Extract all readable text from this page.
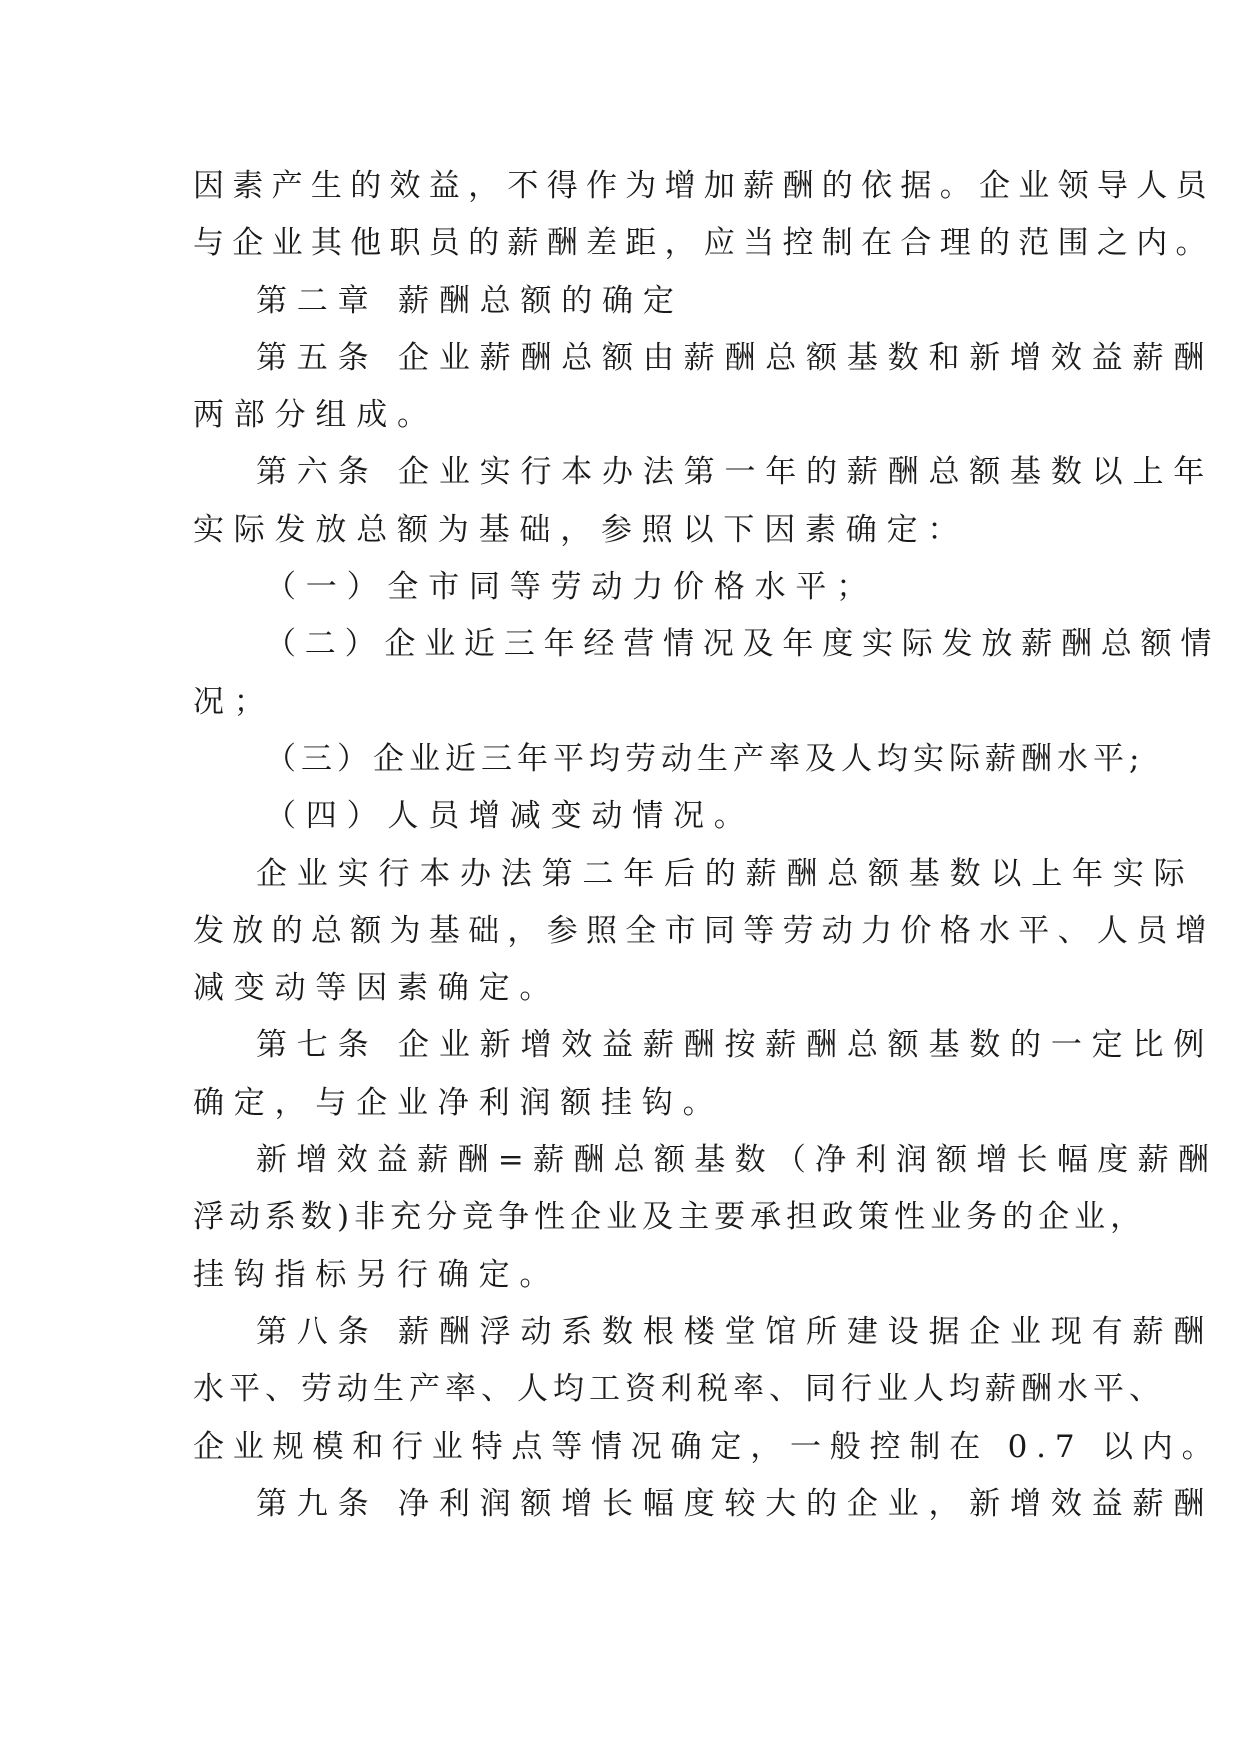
因素产生的效益，不得作为增加薪酬的依据。企业领导人员
与企业其他职员的薪酬差距，应当控制在合理的范围之内。
第二章 薪酬总额的确定
第五条 企业薪酬总额由薪酬总额基数和新增效益薪酬
两部分组成。
第六条 企业实行本办法第一年的薪酬总额基数以上年
实际发放总额为基础，参照以下因素确定：
（一）全市同等劳动力价格水平；
（二）企业近三年经营情况及年度实际发放薪酬总额情
况；
（三）企业近三年平均劳动生产率及人均实际薪酬水平;
（四）人员增减变动情况。
企业实行本办法第二年后的薪酬总额基数以上年实际
发放的总额为基础，参照全市同等劳动力价格水平、人员增
减变动等因素确定。
第七条 企业新增效益薪酬按薪酬总额基数的一定比例
确定，与企业净利润额挂钩。
新增效益薪酬=薪酬总额基数（净利润额增长幅度薪酬
浮动系数)非充分竞争性企业及主要承担政策性业务的企业，
挂钩指标另行确定。
第八条 薪酬浮动系数根楼堂馆所建设据企业现有薪酬
水平、劳动生产率、人均工资利税率、同行业人均薪酬水平、
企业规模和行业特点等情况确定，一般控制在 0.7 以内。
第九条 净利润额增长幅度较大的企业，新增效益薪酬
